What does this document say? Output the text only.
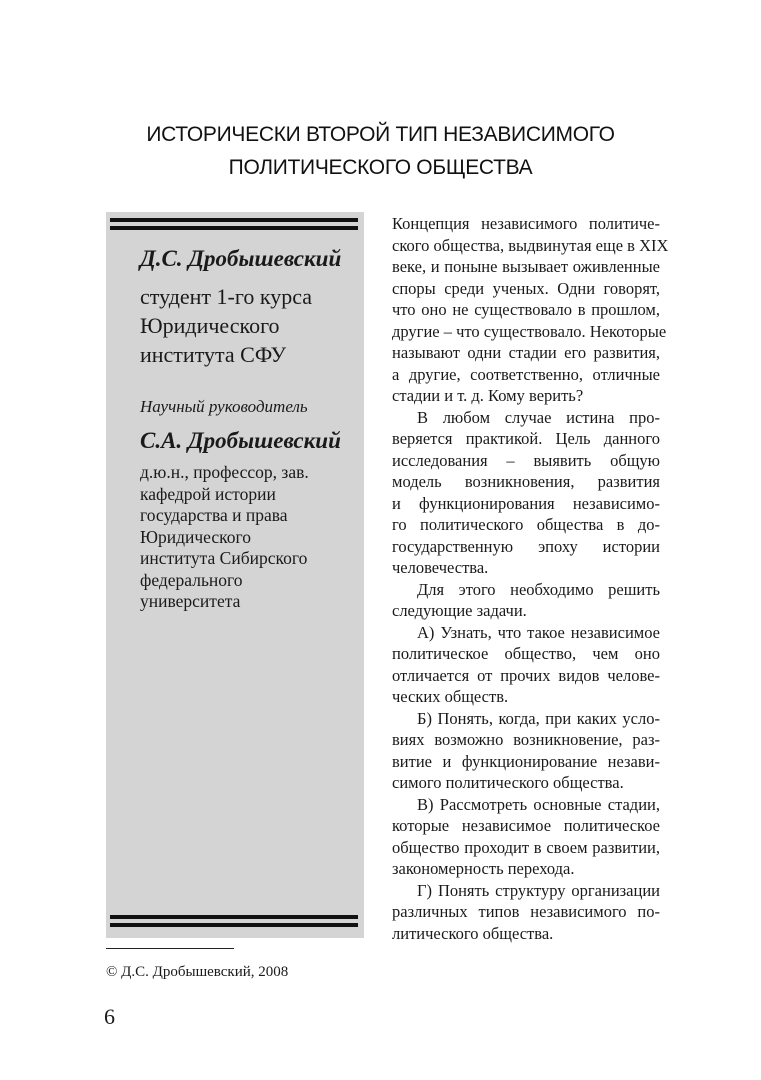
ИСТОРИЧЕСКИ ВТОРОЙ ТИП НЕЗАВИСИМОГО
ПОЛИТИЧЕСКОГО ОБЩЕСТВА
Д.С. Дробышевский
студент 1-го курса
Юридического
института СФУ
Научный руководитель
С.А. Дробышевский
д.ю.н., профессор, зав.
кафедрой истории
государства и права
Юридического
института Сибирского
федерального
университета

Концепция независимого политиче-
ского общества, выдвинутая еще в XIX
веке, и поныне вызывает оживленные
споры среди ученых. Одни говорят,
что оно не существовало в прошлом,
другие – что существовало. Некоторые
называют одни стадии его развития,
а другие, соответственно, отличные
стадии и т. д. Кому верить?

В любом случае истина про-
веряется практикой. Цель данного
исследования – выявить общую
модель возникновения, развития
и функционирования независимо-
го политического общества в до-
государственную эпоху истории
человечества.

Для этого необходимо решить
следующие задачи.

А) Узнать, что такое независимое
политическое общество, чем оно
отличается от прочих видов челове-
ческих обществ.

Б) Понять, когда, при каких усло-
виях возможно возникновение, раз-
витие и функционирование незави-
симого политического общества.

В) Рассмотреть основные стадии,
которые независимое политическое
общество проходит в своем развитии,
закономерность перехода.

Г) Понять структуру организации
различных типов независимого по-
литического общества.

© Д.С. Дробышевский, 2008
6
